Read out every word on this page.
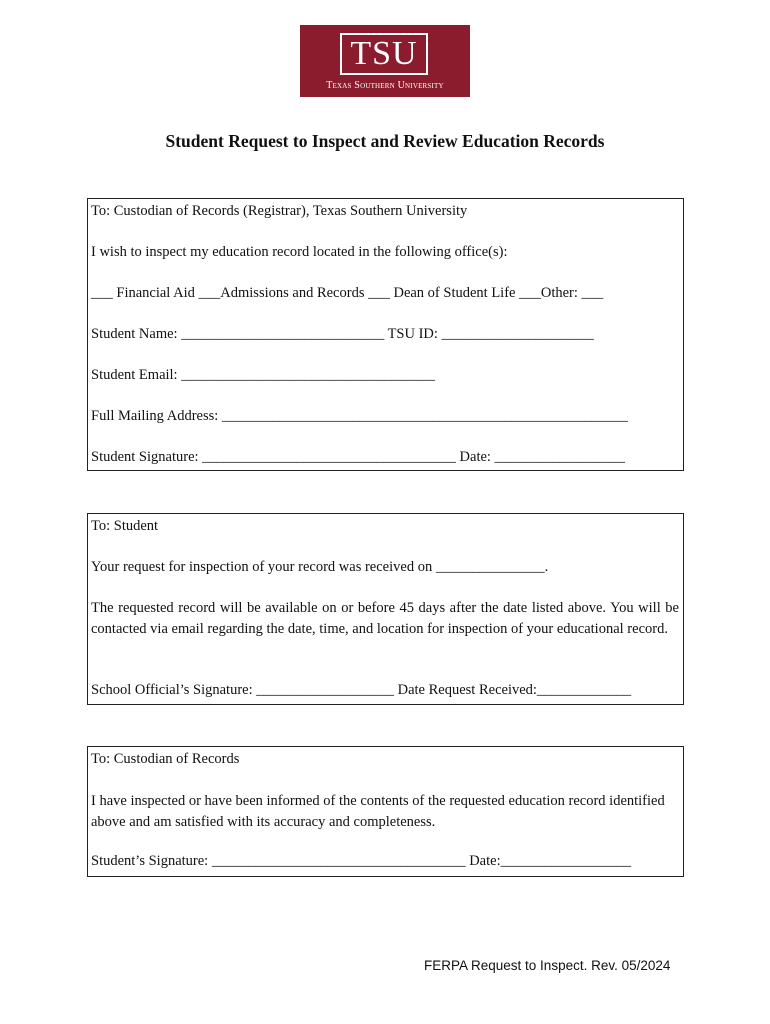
TSU
Texas Southern University
Student Request to Inspect and Review Education Records
To: Custodian of Records (Registrar), Texas Southern University
I wish to inspect my education record located in the following office(s):
___ Financial Aid ___Admissions and Records ___ Dean of Student Life ___Other: ___
Student Name: ____________________________ TSU ID: _____________________
Student Email: ___________________________________
Full Mailing Address: ________________________________________________________
Student Signature: ___________________________________ Date: __________________
To: Student
Your request for inspection of your record was received on _______________.
The requested record will be available on or before 45 days after the date listed above. You will be contacted via email regarding the date, time, and location for inspection of your educational record.
School Official’s Signature: ___________________ Date Request Received:_____________
To: Custodian of Records
I have inspected or have been informed of the contents of the requested education record identified above and am satisfied with its accuracy and completeness.
Student’s Signature: ___________________________________ Date:__________________
FERPA Request to Inspect. Rev. 05/2024
